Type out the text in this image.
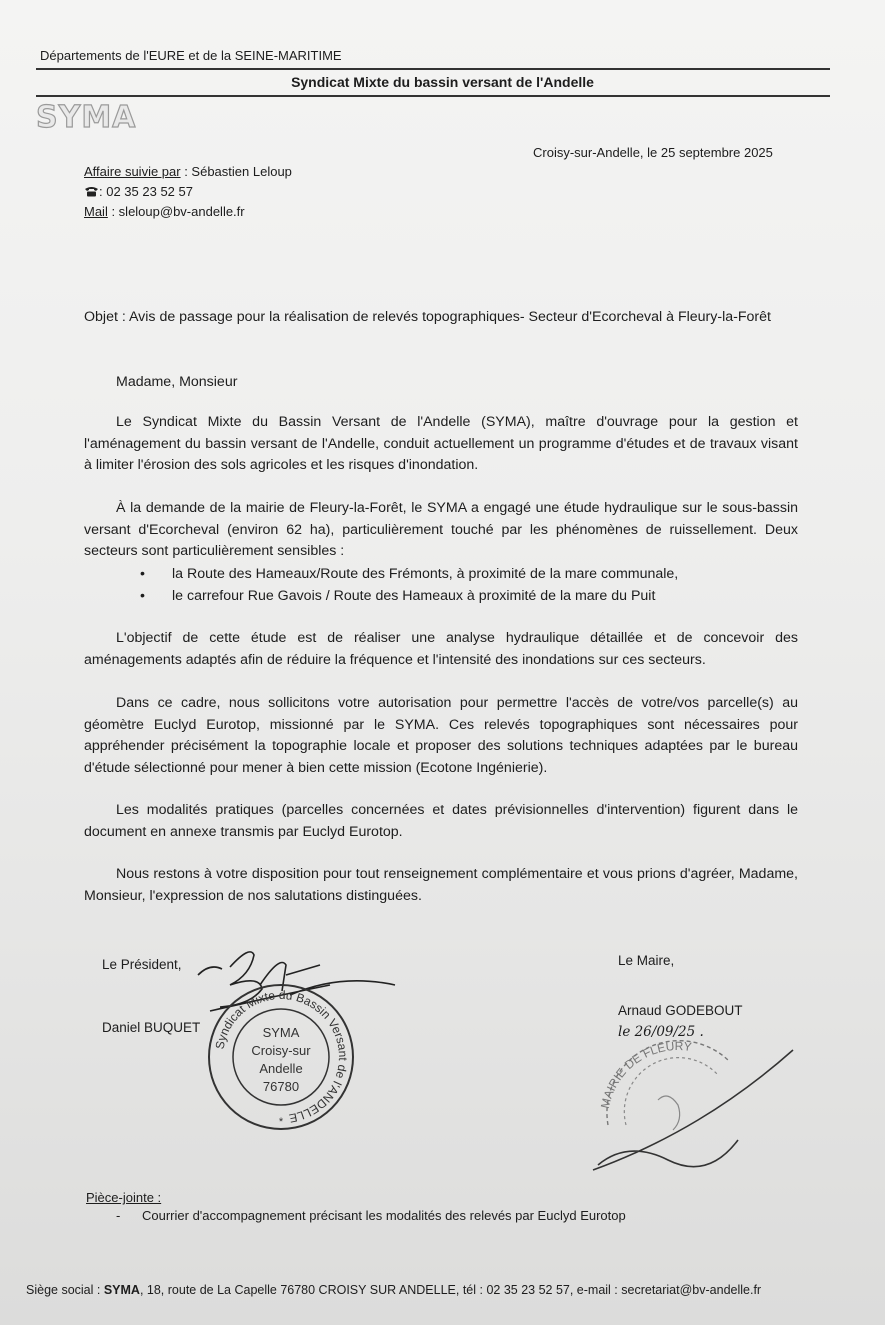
Départements de l'EURE et de la SEINE-MARITIME
Syndicat Mixte du bassin versant de l'Andelle
SYMA
Croisy-sur-Andelle, le 25 septembre 2025
Affaire suivie par : Sébastien Leloup
: 02 35 23 52 57
Mail : sleloup@bv-andelle.fr
Objet : Avis de passage pour la réalisation de relevés topographiques- Secteur d'Ecorcheval à Fleury-la-Forêt
Madame, Monsieur
Le Syndicat Mixte du Bassin Versant de l'Andelle (SYMA), maître d'ouvrage pour la gestion et l'aménagement du bassin versant de l'Andelle, conduit actuellement un programme d'études et de travaux visant à limiter l'érosion des sols agricoles et les risques d'inondation.
À la demande de la mairie de Fleury-la-Forêt, le SYMA a engagé une étude hydraulique sur le sous-bassin versant d'Ecorcheval (environ 62 ha), particulièrement touché par les phénomènes de ruissellement. Deux secteurs sont particulièrement sensibles :
• la Route des Hameaux/Route des Frémonts, à proximité de la mare communale,
• le carrefour Rue Gavois / Route des Hameaux à proximité de la mare du Puit
L'objectif de cette étude est de réaliser une analyse hydraulique détaillée et de concevoir des aménagements adaptés afin de réduire la fréquence et l'intensité des inondations sur ces secteurs.
Dans ce cadre, nous sollicitons votre autorisation pour permettre l'accès de votre/vos parcelle(s) au géomètre Euclyd Eurotop, missionné par le SYMA. Ces relevés topographiques sont nécessaires pour appréhender précisément la topographie locale et proposer des solutions techniques adaptées par le bureau d'étude sélectionné pour mener à bien cette mission (Ecotone Ingénierie).
Les modalités pratiques (parcelles concernées et dates prévisionnelles d'intervention) figurent dans le document en annexe transmis par Euclyd Eurotop.
Nous restons à votre disposition pour tout renseignement complémentaire et vous prions d'agréer, Madame, Monsieur, l'expression de nos salutations distinguées.
Le Président,
Daniel BUQUET
Syndicat Mixte du Bassin Versant de l'ANDELLE
SYMA
Croisy-sur
Andelle
76780
*
Le Maire,
Arnaud GODEBOUT
le 26/09/25 .
MAIRIE DE FLEURY
Pièce-jointe :
- Courrier d'accompagnement précisant les modalités des relevés par Euclyd Eurotop
Siège social : SYMA, 18, route de La Capelle 76780 CROISY SUR ANDELLE, tél : 02 35 23 52 57, e-mail : secretariat@bv-andelle.fr
